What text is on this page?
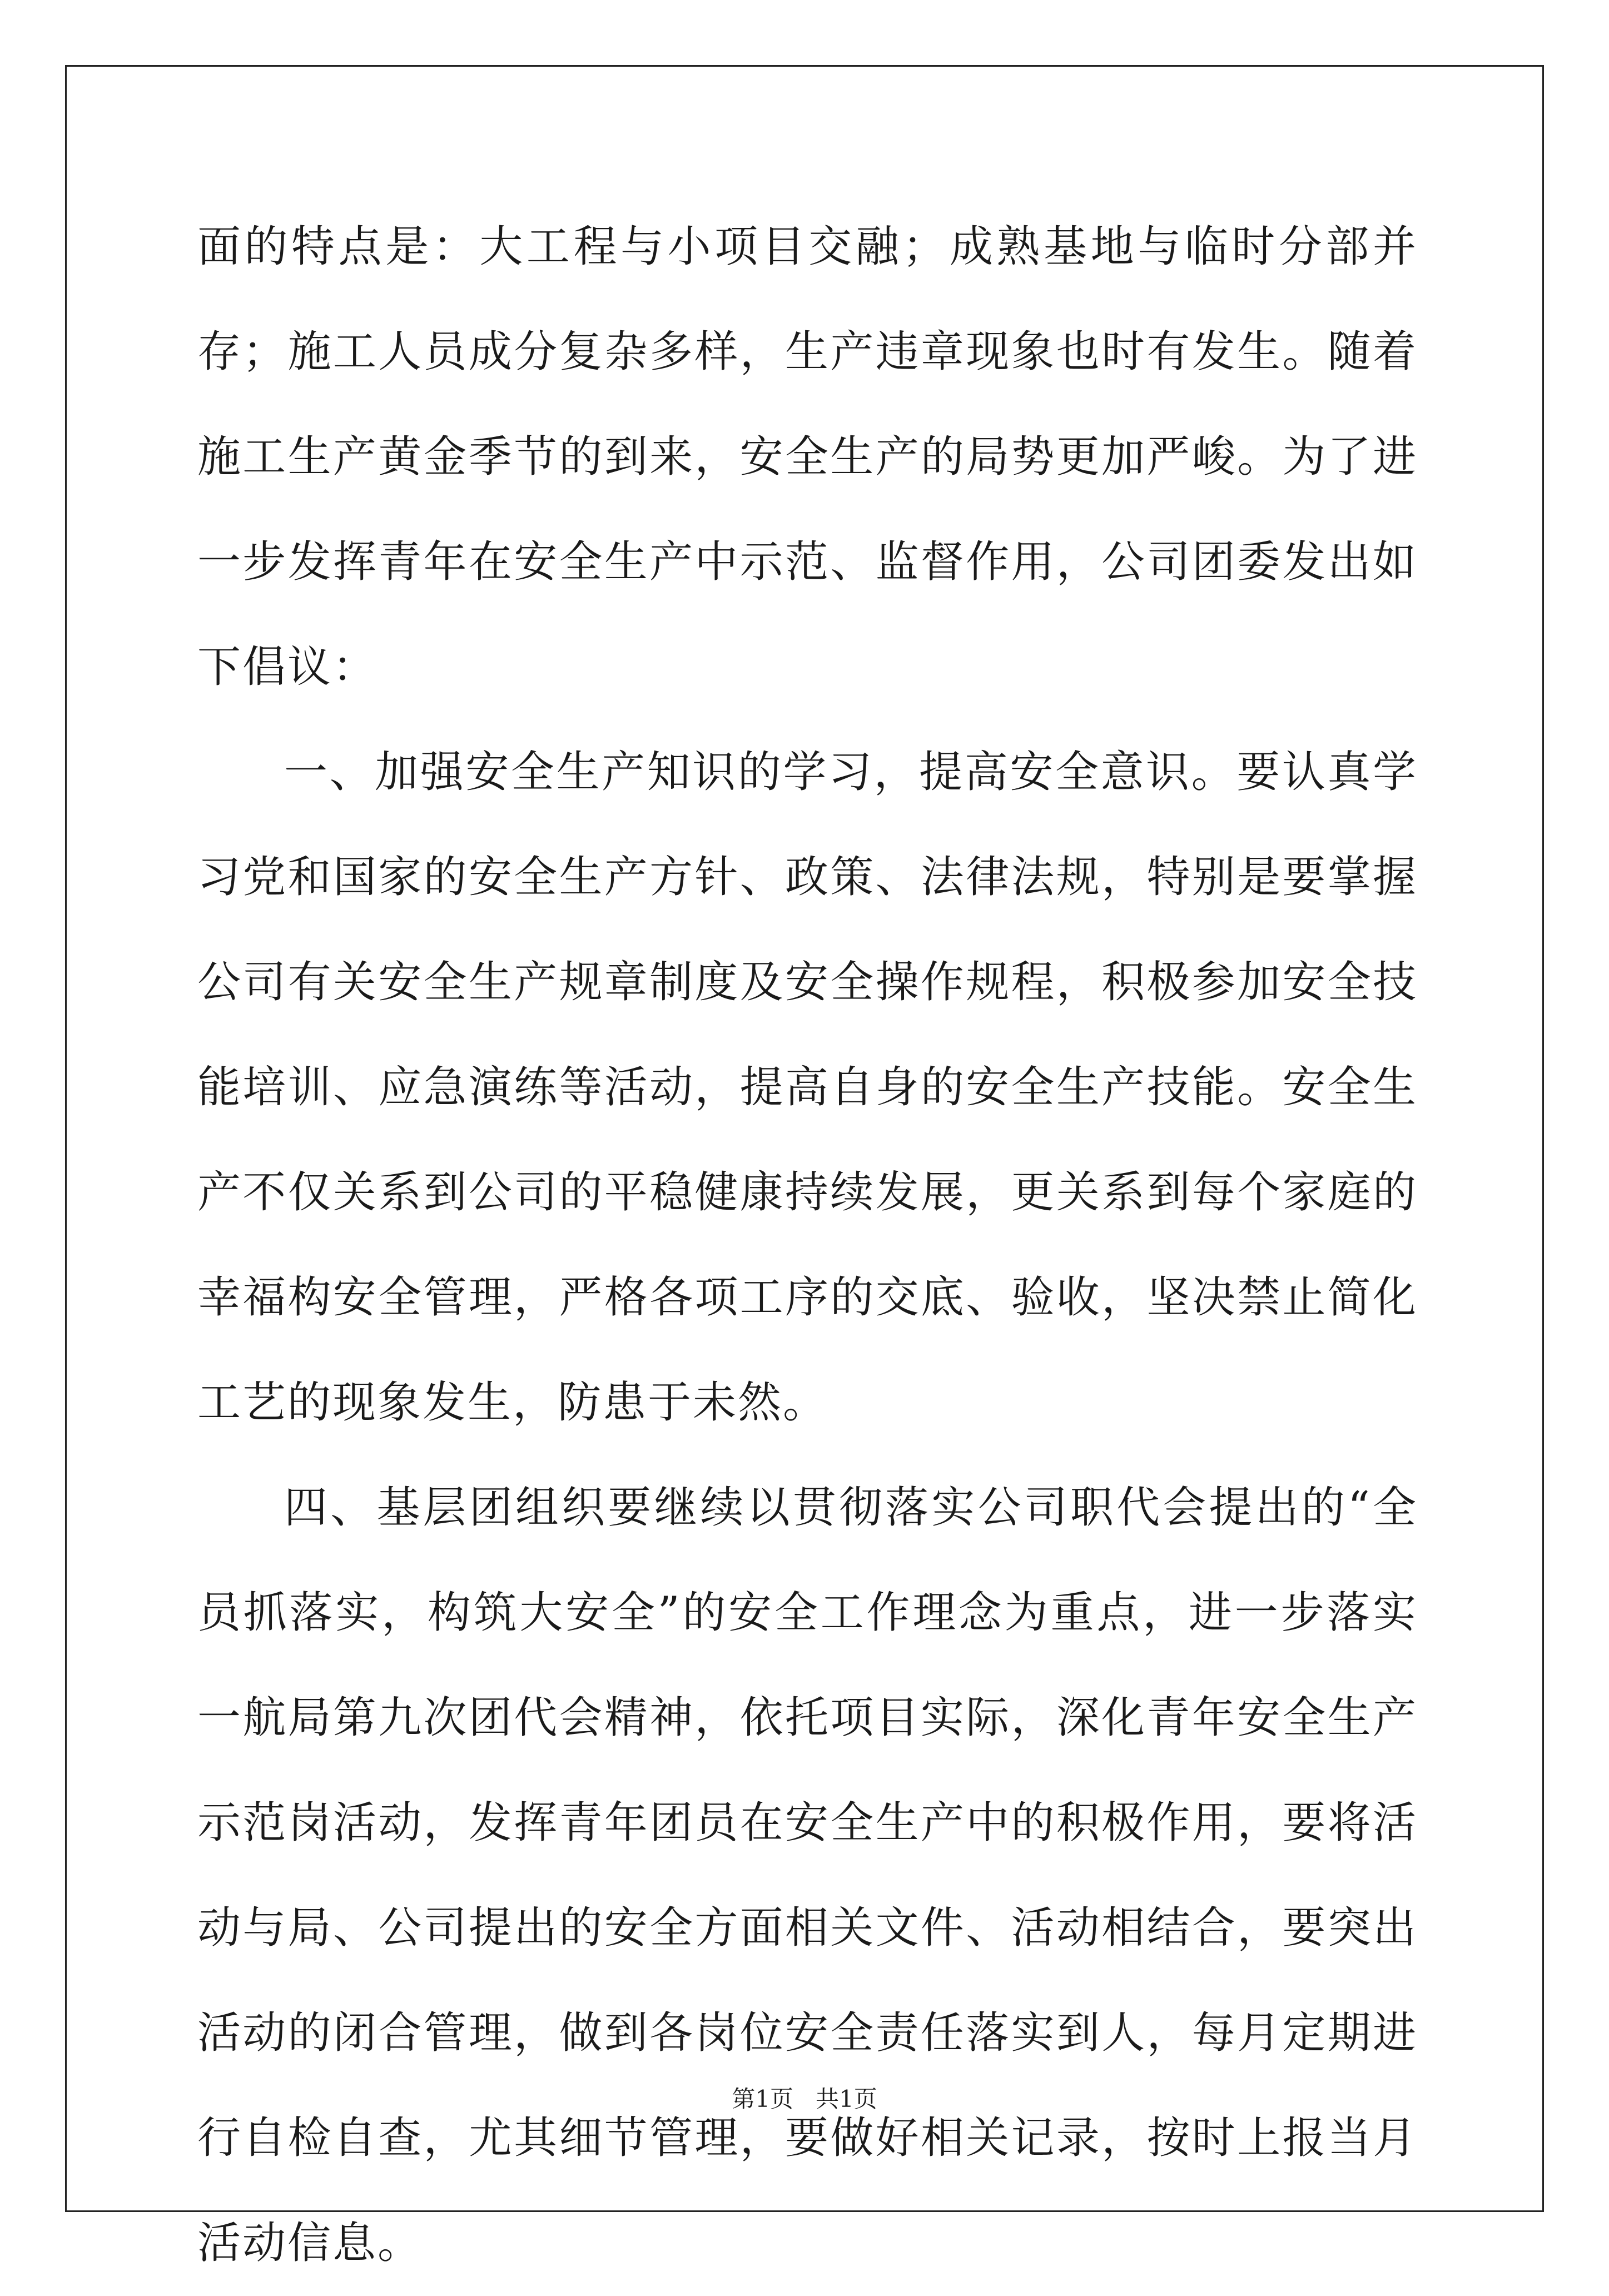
面的特点是：大工程与小项目交融；成熟基地与临时分部并存；施工人员成分复杂多样，生产违章现象也时有发生。随着施工生产黄金季节的到来，安全生产的局势更加严峻。为了进一步发挥青年在安全生产中示范、监督作用，公司团委发出如下倡议：

一、加强安全生产知识的学习，提高安全意识。要认真学习党和国家的安全生产方针、政策、法律法规，特别是要掌握公司有关安全生产规章制度及安全操作规程，积极参加安全技能培训、应急演练等活动，提高自身的安全生产技能。安全生产不仅关系到公司的平稳健康持续发展，更关系到每个家庭的幸福构安全管理，严格各项工序的交底、验收，坚决禁止简化工艺的现象发生，防患于未然。

四、基层团组织要继续以贯彻落实公司职代会提出的“全员抓落实，构筑大安全”的安全工作理念为重点，进一步落实一航局第九次团代会精神，依托项目实际，深化青年安全生产示范岗活动，发挥青年团员在安全生产中的积极作用，要将活动与局、公司提出的安全方面相关文件、活动相结合，要突出活动的闭合管理，做到各岗位安全责任落实到人，每月定期进行自检自查，尤其细节管理，要做好相关记录，按时上报当月活动信息。

第1页   共1页
